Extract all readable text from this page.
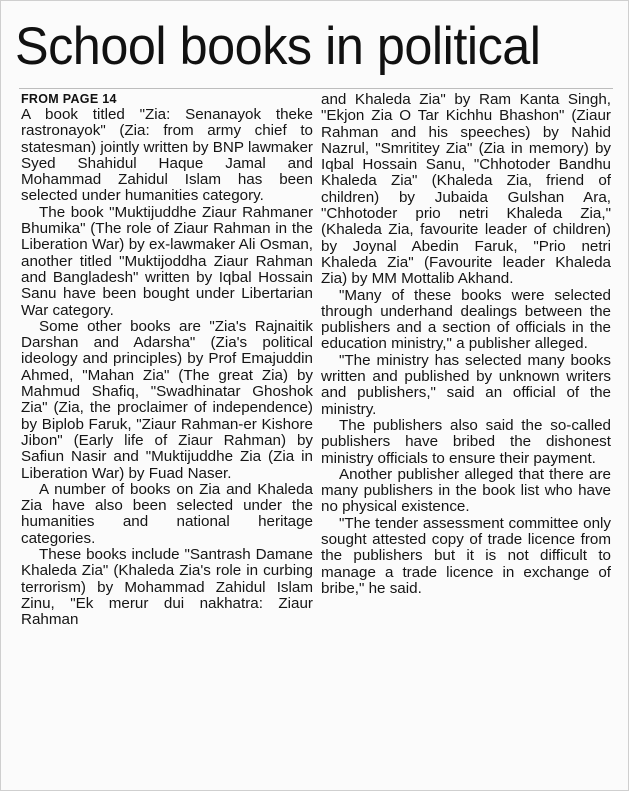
School books in political
FROM PAGE 14

A book titled "Zia: Senanayok theke rastronayok" (Zia: from army chief to statesman) jointly written by BNP lawmaker Syed Shahidul Haque Jamal and Mohammad Zahidul Islam has been selected under humanities category.

The book "Muktijuddhe Ziaur Rahmaner Bhumika" (The role of Ziaur Rahman in the Liberation War) by ex-lawmaker Ali Osman, another titled "Muktijoddha Ziaur Rahman and Bangladesh" written by Iqbal Hossain Sanu have been bought under Libertarian War category.

Some other books are "Zia's Rajnaitik Darshan and Adarsha" (Zia's political ideology and principles) by Prof Emajuddin Ahmed, "Mahan Zia" (The great Zia) by Mahmud Shafiq, "Swadhinatar Ghoshok Zia" (Zia, the proclaimer of independence) by Biplob Faruk, "Ziaur Rahman-er Kishore Jibon" (Early life of Ziaur Rahman) by Safiun Nasir and "Muktijuddhe Zia (Zia in Liberation War) by Fuad Naser.

A number of books on Zia and Khaleda Zia have also been selected under the humanities and national heritage categories.

These books include "Santrash Damane Khaleda Zia" (Khaleda Zia's role in curbing terrorism) by Mohammad Zahidul Islam Zinu, "Ek merur dui nakhatra: Ziaur Rahman

and Khaleda Zia" by Ram Kanta Singh, "Ekjon Zia O Tar Kichhu Bhashon" (Ziaur Rahman and his speeches) by Nahid Nazrul, "Smrititey Zia" (Zia in memory) by Iqbal Hossain Sanu, "Chhotoder Bandhu Khaleda Zia" (Khaleda Zia, friend of children) by Jubaida Gulshan Ara, "Chhotoder prio netri Khaleda Zia," (Khaleda Zia, favourite leader of children) by Joynal Abedin Faruk, "Prio netri Khaleda Zia" (Favourite leader Khaleda Zia) by MM Mottalib Akhand.

"Many of these books were selected through underhand dealings between the publishers and a section of officials in the education ministry," a publisher alleged.

"The ministry has selected many books written and published by unknown writers and publishers," said an official of the ministry.

The publishers also said the so-called publishers have bribed the dishonest ministry officials to ensure their payment.

Another publisher alleged that there are many publishers in the book list who have no physical existence.

"The tender assessment committee only sought attested copy of trade licence from the publishers but it is not difficult to manage a trade licence in exchange of bribe," he said.
